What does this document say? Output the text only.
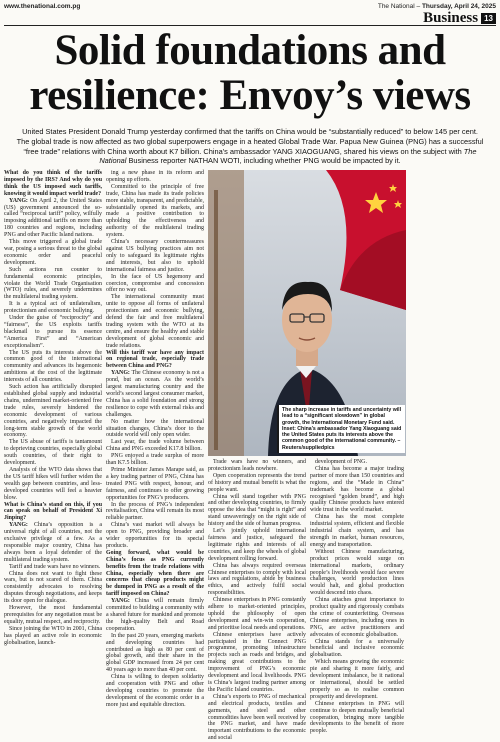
www.thenational.com.pg	The National – Thursday, April 24, 2025
Business 13
Solid foundations and
resilience: Envoy’s views

United States President Donald Trump yesterday confirmed that the tariffs on China would be “substantially reduced” to below 145 per cent. The global trade is now affected as two global superpowers engage in a heated Global Trade War. Papua New Guinea (PNG) has a successful “free trade” relations with China worth about K7 billion. China’s ambassador YANG XIAOGUANG, shared his views on the subject with The National Business reporter NATHAN WOTI, including whether PNG would be impacted by it.

What do you think of the tariffs imposed by the IRS? And why do you think the US imposed such tariffs, knowing it would impact world trade?

YANG: On April 2, the United States (US) government announced the so-called “reciprocal tariff” policy, wilfully imposing additional tariffs on more than 180 countries and regions, including PNG and other Pacific Island nations.

This move triggered a global trade war, posing a serious threat to the global economic order and peaceful development.

Such actions run counter to fundamental economic principles, violate the World Trade Organisation (WTO) rules, and severely undermines the multilateral trading system.

It is a typical act of unilateralism, protectionism and economic bullying.

Under the guise of “reciprocity” and “fairness”, the US exploits tariffs blackmail to pursue its essence “America First” and “American exceptionalism”.

The US puts its interests above the common good of the international community and advances its hegemonic ambitions at the cost of the legitimate interests of all countries.

Such action has artificially disrupted established global supply and industrial chains, undermined market-oriented free trade rules, severely hindered the economic development of various countries, and negatively impacted the long-term stable growth of the world economy.

The US abuse of tariffs is tantamount to deprieving countries, especially global south countries, of their right to development.

Analysis of the WTO data shows that the US tariff hikes will further widen the wealth gap between countries, and less-developed countries will feel a heavier blow.

What is China’s stand on this, if you can speak on behalf of President Xi Jinping?

YANG: China’s opposition is a universal right of all countries, not the exclusive privilege of a few. As a responsible major country, China has always been a loyal defender of the multilateral trading system.

Tariff and trade wars have no winners.

China does not want to fight these wars, but is not scared of them. China consistently advocates to resolving disputes through negotiations, and keeps its door open for dialogue.

However, the most fundamental prerequisites for any negotiation must be equality, mutual respect, and reciprocity.

Since joining the WTO in 2001, China has played an active role in economic globalisation, launch-

ing a new phase in its reform and opening up efforts.

Committed to the principle of free trade, China has made its trade policies more stable, transparent, and predictable, substantially opened its markets, and made a positive contribution to upholding the effectiveness and authority of the multilateral trading system.

China’s necessary countermeasures against US bullying practices aim not only to safeguard its legitimate rights and interests, but also to uphold international fairness and justice.

In the face of US hegemony and coercion, compromise and concession offer no way out.

The international community must unite to oppose all forms of unilateral protectionism and economic bullying, defend the fair and free multilateral trading system with the WTO at its centre, and ensure the healthy and stable development of global economic and trade relations.

Will this tariff war have any impact on regional trade, especially trade between China and PNG?

YANG: The Chinese economy is not a pond, but an ocean. As the world’s largest manufacturing country and the world’s second largest consumer market, China has a solid foundation and strong resilience to cope with external risks and challenges.

No matter how the international situation changes, China’s door to the outside world will only open wider.

Last year, the trade volume between China and PNG exceeded K17.8 billion.

PNG enjoyed a trade surplus of more than K7.5 billion.

Prime Minister James Marape said, as a key trading partner of PNG, China has treated PNG with respect, honour, and fairness, and continues to offer growing opportunities for PNG’s producers.

In the process of PNG’s independent revitalisation, China will remain its most reliable partner.

China’s vast market will always be open to PNG, providing broader and wider opportunities for its special products.

Going forward, what would be China’s focus as PNG currently benefits from the trade relations with China, especially when there are concerns that cheap products might be dumped in PNG as a result of the tariff imposed on China?

YANG: China will remain firmly committed to building a community with a shared future for mankind and promote the high-quality Belt and Road cooperation.

In the past 20 years, emerging markets and developing countries had contributed as high as 80 per cent of global growth, and their share in the global GDP increased from 24 per cent 40 years ago to more than 40 per cent.

China is willing to deepen solidarity and cooperation with PNG and other developing countries to promote the development of the economic order in a more just and equitable direction.

The sharp increase in tariffs and uncertainty will lead to a “significant slowdown” in global growth, the International Monetary Fund said. Inset: China’s ambassador Yang Xiaoguang said the United States puts its interests above the common good of the international community. – Reuters/suppliedpics

Trade wars have no winners, and protectionism leads nowhere.

Open cooperation represents the trend of history and mutual benefit is what the people want.

China will stand together with PNG and other developing countries, to firmly oppose the idea that “might is right” and stand unwaveringly on the right side of history and the side of human progress.

Let’s jointly uphold international fairness and justice, safeguard the legitimate rights and interests of all countries, and keep the wheels of global development rolling forward.

China has always required overseas Chinese enterprises to comply with local laws and regulations, abide by business ethics, and actively fulfil social responsibilities.

Chinese enterprises in PNG constantly adhere to market-oriented principles, uphold the philosophy of open development and win-win cooperation, and prioritise local needs and operations.

Chinese enterprises have actively participated in the Connect PNG programme, promoting infrastructure projects such as roads and bridges, and making great contributions to the improvement of PNG’s economic development and local livelihoods. PNG is China’s largest trading partner among the Pacific Island countries.

China’s exports to PNG of mechanical and electrical products, textiles and garments, and steel and other commodities have been well received by the PNG market, and have made important contributions to the economic and social

development of PNG.

China has become a major trading partner of more than 150 countries and regions, and the “Made in China” trademark has become a global recognised “golden brand”, and high quality Chinese products have entered wide trust in the world market.

China has the most complete industrial system, efficient and flexible industrial chain system, and has strength in market, human resources, energy and transportation.

Without Chinese manufacturing, product prices would surge on international markets, ordinary people’s livelihoods would face severe challenges, world production lines would halt, and global production would descend into chaos.

China attaches great importance to product quality and rigorously combats the crime of counterfeiting. Overseas Chinese enterprises, including ones in PNG, are active practitioners and advocates of economic globalisation.

China stands for a universally beneficial and inclusive economic globalisation.

Which means growing the economic pie and sharing it more fairly, and development imbalance, be it national or international, should be settled properly so as to realise common prosperity and development.

Chinese enterprises in PNG will continue to deepen mutually beneficial cooperation, bringing more tangible developments to the benefit of more people.
